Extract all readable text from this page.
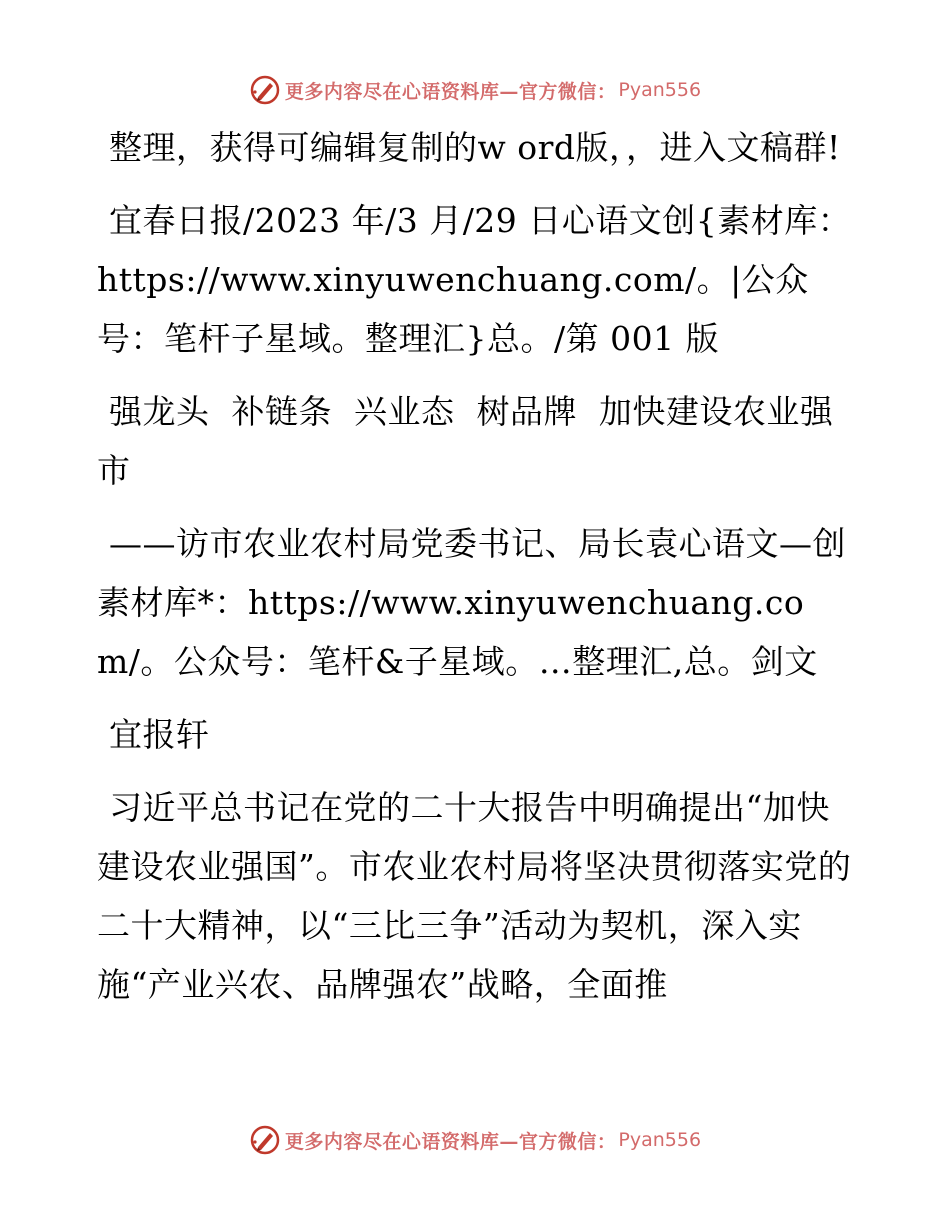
更多内容尽在心语资料库—官方微信： Pyan556

整理，获得可编辑复制的w ord版，，进入文稿群!

宜春日报/2023 年/3 月/29 日心语文创{素材库：https://www.xinyuwenchuang.com/。|公众号：笔杆子星域。整理汇}总。/第 001 版

强龙头  补链条  兴业态  树品牌  加快建设农业强市

——访市农业农村局党委书记、局长袁心语文—创素材库*：https://www.xinyuwenchuang.com/。公众号：笔杆&子星域。…整理汇,总。剑文

宜报轩

习近平总书记在党的二十大报告中明确提出“加快建设农业强国”。市农业农村局将坚决贯彻落实党的二十大精神，以“三比三争”活动为契机，深入实施“产业兴农、品牌强农”战略，全面推

更多内容尽在心语资料库—官方微信： Pyan556
